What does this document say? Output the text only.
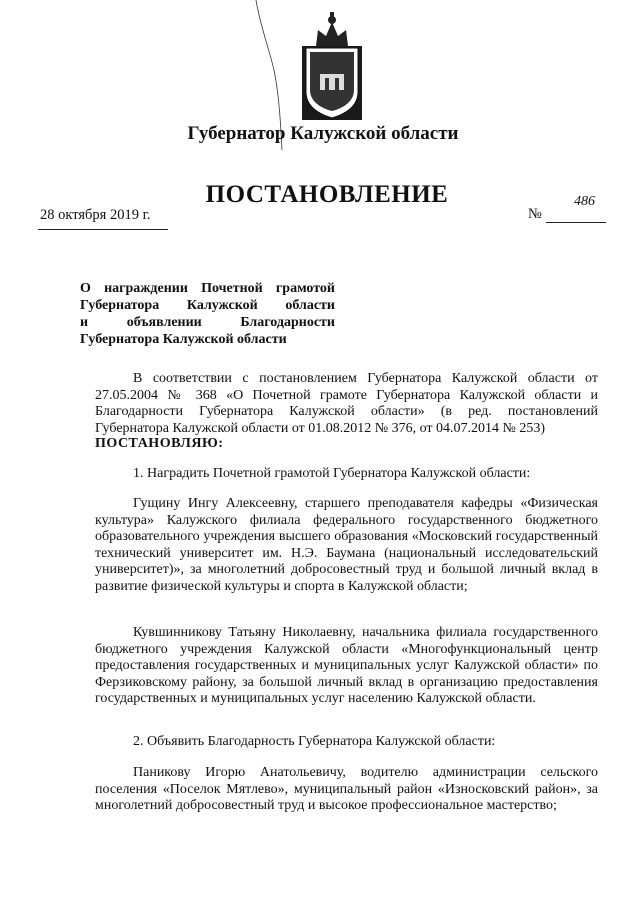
Губернатор Калужской области
ПОСТАНОВЛЕНИЕ
28 октября 2019 г.	№
486
О награждении Почетной грамотой
Губернатора Калужской области
и объявлении Благодарности
Губернатора Калужской области
В соответствии с постановлением Губернатора Калужской области от 27.05.2004 № 368 «О Почетной грамоте Губернатора Калужской области и Благодарности Губернатора Калужской области» (в ред. постановлений Губернатора Калужской области от 01.08.2012 № 376, от 04.07.2014 № 253)
ПОСТАНОВЛЯЮ:
1. Наградить Почетной грамотой Губернатора Калужской области:
Гущину Ингу Алексеевну, старшего преподавателя кафедры «Физическая культура» Калужского филиала федерального государственного бюджетного образовательного учреждения высшего образования «Московский государственный технический университет им. Н.Э. Баумана (национальный исследовательский университет)», за многолетний добросовестный труд и большой личный вклад в развитие физической культуры и спорта в Калужской области;
Кувшинникову Татьяну Николаевну, начальника филиала государственного бюджетного учреждения Калужской области «Многофункциональный центр предоставления государственных и муниципальных услуг Калужской области» по Ферзиковскому району, за большой личный вклад в организацию предоставления государственных и муниципальных услуг населению Калужской области.
2. Объявить Благодарность Губернатора Калужской области:
Паникову Игорю Анатольевичу, водителю администрации сельского поселения «Поселок Мятлево», муниципальный район «Износковский район», за многолетний добросовестный труд и высокое профессиональное мастерство;
